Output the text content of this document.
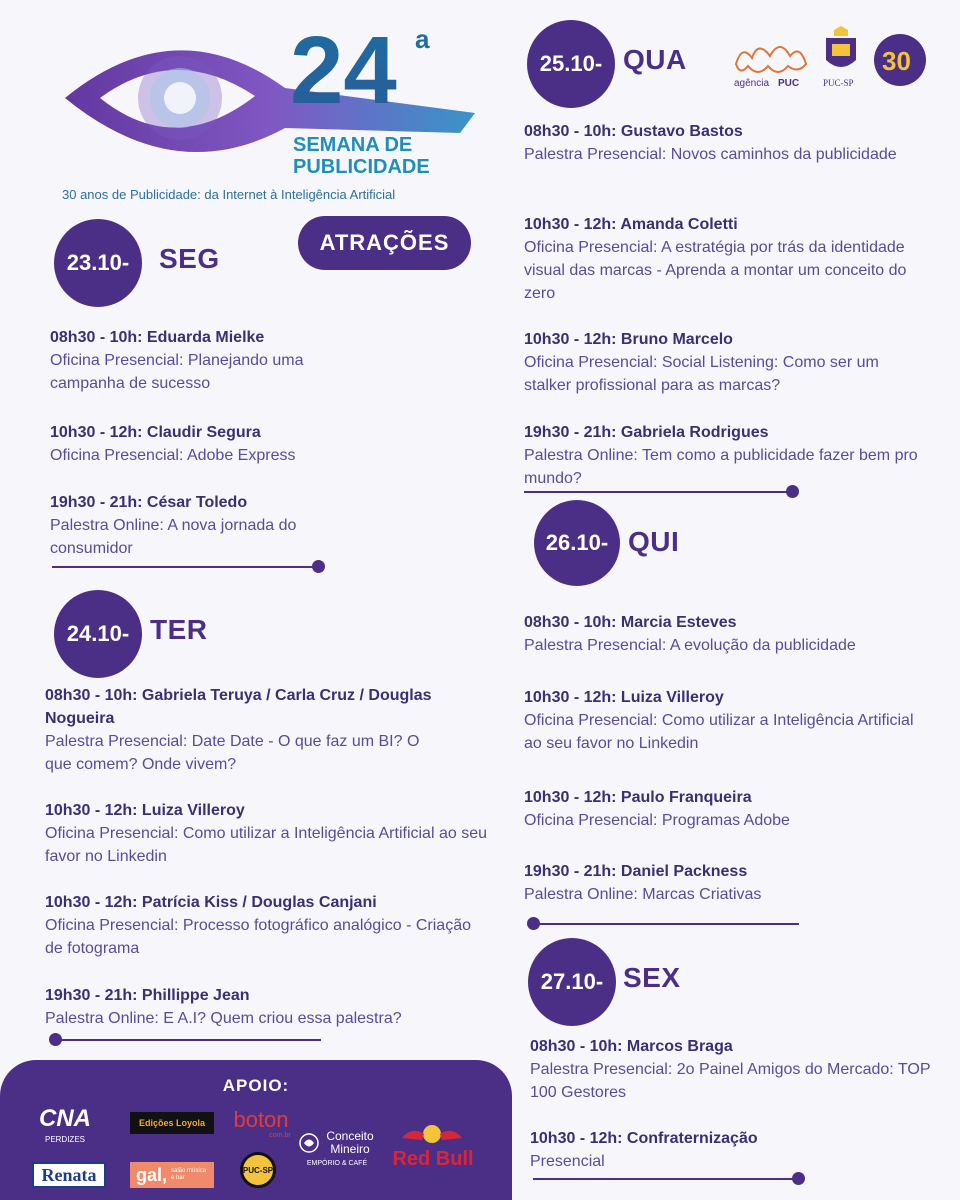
24 a
SEMANA DE
PUBLICIDADE
30 anos de Publicidade: da Internet à Inteligência Artificial
agência PUC	PUC-SP
30
ATRAÇÕES
23.10-	SEG
08h30 - 10h: Eduarda Mielke
Oficina Presencial: Planejando uma campanha de sucesso
10h30 - 12h: Claudir Segura
Oficina Presencial: Adobe Express
19h30 - 21h: César Toledo
Palestra Online: A nova jornada do consumidor
24.10- TER
08h30 - 10h: Gabriela Teruya / Carla Cruz / Douglas Nogueira
Palestra Presencial: Date Date - O que faz um BI? O que comem? Onde vivem?
10h30 - 12h: Luiza Villeroy
Oficina Presencial: Como utilizar a Inteligência Artificial ao seu favor no Linkedin
10h30 - 12h: Patrícia Kiss / Douglas Canjani
Oficina Presencial: Processo fotográfico analógico - Criação de fotograma
19h30 - 21h: Phillippe Jean
Palestra Online: E A.I? Quem criou essa palestra?
25.10- QUA
08h30 - 10h: Gustavo Bastos
Palestra Presencial: Novos caminhos da publicidade
10h30 - 12h: Amanda Coletti
Oficina Presencial: A estratégia por trás da identidade visual das marcas - Aprenda a montar um conceito do zero
10h30 - 12h: Bruno Marcelo
Oficina Presencial: Social Listening: Como ser um stalker profissional para as marcas?
19h30 - 21h: Gabriela Rodrigues
Palestra Online: Tem como a publicidade fazer bem pro mundo?
26.10- QUI
08h30 - 10h: Marcia Esteves
Palestra Presencial: A evolução da publicidade
10h30 - 12h: Luiza Villeroy
Oficina Presencial: Como utilizar a Inteligência Artificial ao seu favor no Linkedin
10h30 - 12h: Paulo Franqueira
Oficina Presencial: Programas Adobe
19h30 - 21h: Daniel Packness
Palestra Online: Marcas Criativas
27.10- SEX
08h30 - 10h: Marcos Braga
Palestra Presencial: 2o Painel Amigos do Mercado: TOP 100 Gestores
10h30 - 12h: Confraternização
Presencial
APOIO:
CNA
PERDIZES
Edições Loyola	boton
com.br	Conceito
Mineiro
EMPÓRIO & CAFÉ	Red Bull
Renata	gal, salão música e bar
PUC-SP
